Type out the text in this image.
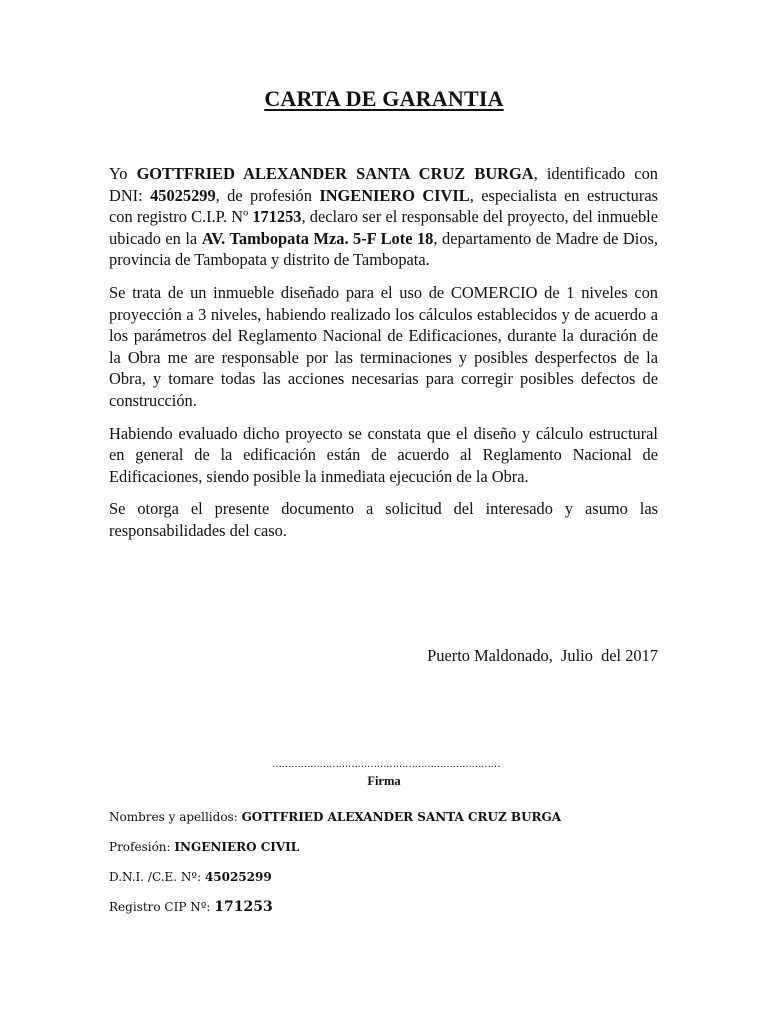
CARTA DE GARANTIA

Yo GOTTFRIED ALEXANDER SANTA CRUZ BURGA, identificado con DNI: 45025299, de profesión INGENIERO CIVIL, especialista en estructuras con registro C.I.P. Nº 171253, declaro ser el responsable del proyecto, del inmueble ubicado en la AV. Tambopata Mza. 5-F Lote 18, departamento de Madre de Dios, provincia de Tambopata y distrito de Tambopata.

Se trata de un inmueble diseñado para el uso de COMERCIO de 1 niveles con proyección a 3 niveles, habiendo realizado los cálculos establecidos y de acuerdo a los parámetros del Reglamento Nacional de Edificaciones, durante la duración de la Obra me are responsable por las terminaciones y posibles desperfectos de la Obra, y tomare todas las acciones necesarias para corregir posibles defectos de construcción.

Habiendo evaluado dicho proyecto se constata que el diseño y cálculo estructural en general de la edificación están de acuerdo al Reglamento Nacional de Edificaciones, siendo posible la inmediata ejecución de la Obra.

Se otorga el presente documento a solicitud del interesado y asumo las responsabilidades del caso.

Puerto Maldonado,  Julio  del 2017
………………………………………………………………
Firma
Nombres y apellidos: GOTTFRIED ALEXANDER SANTA CRUZ BURGA
Profesión: INGENIERO CIVIL
D.N.I. /C.E. Nº: 45025299
Registro CIP Nº: 171253
